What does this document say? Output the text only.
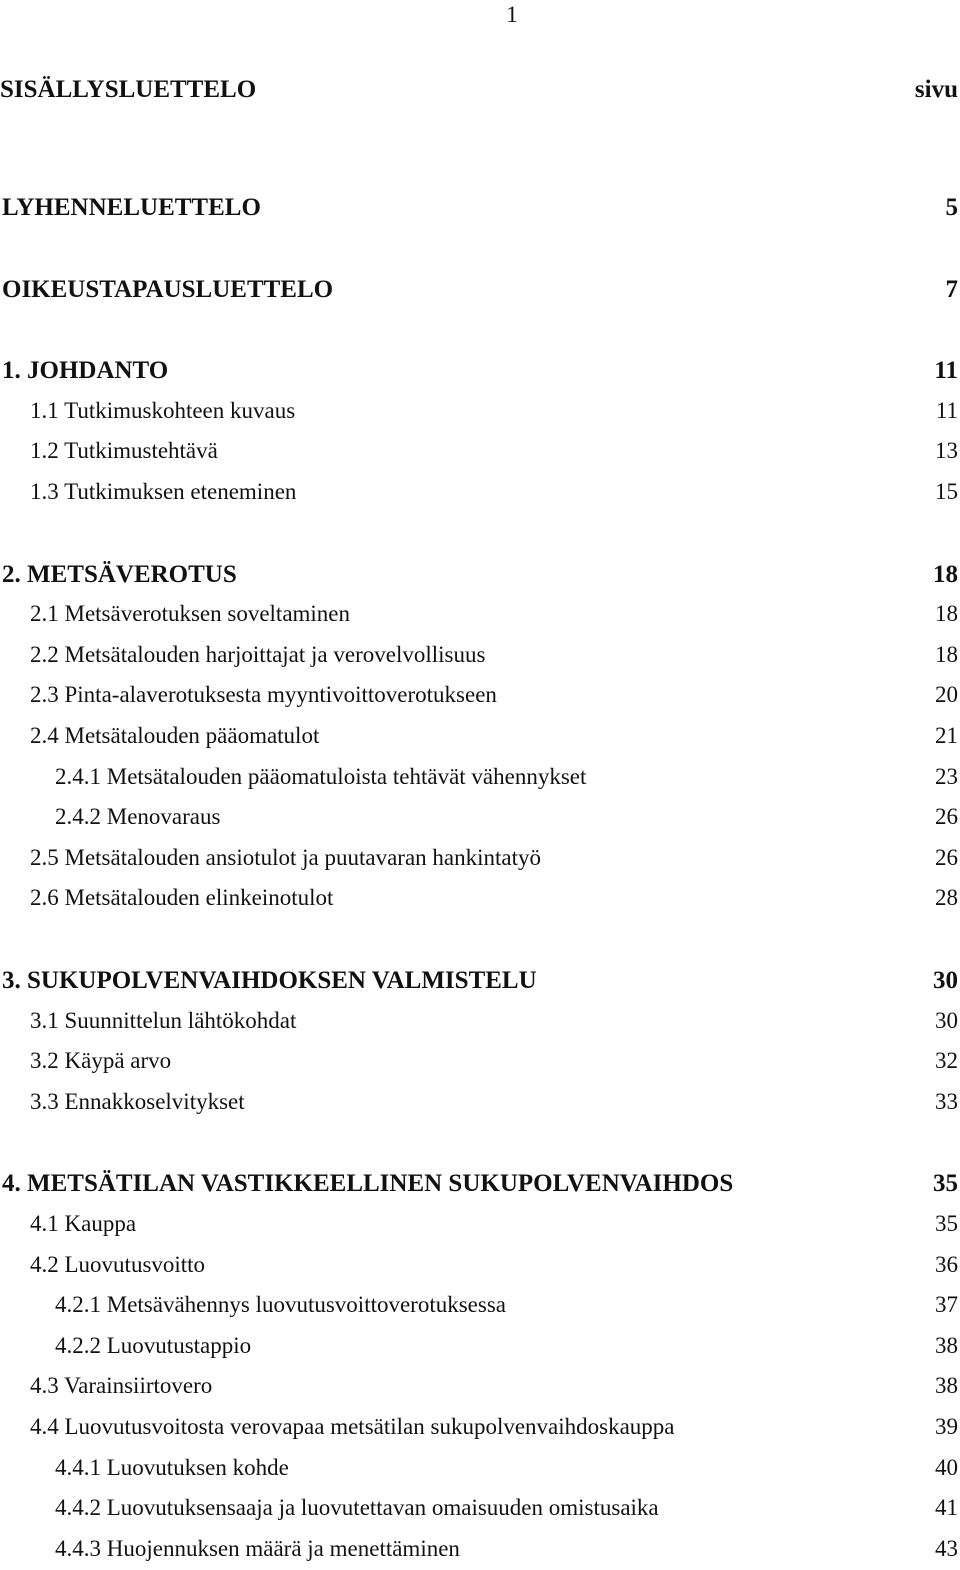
1
SISÄLLYSLUETTELO	sivu
LYHENNELUETTELO	5
OIKEUSTAPAUSLUETTELO	7
1. JOHDANTO	11
1.1 Tutkimuskohteen kuvaus	11
1.2 Tutkimustehtävä	13
1.3 Tutkimuksen eteneminen	15
2. METSÄVEROTUS	18
2.1 Metsäverotuksen soveltaminen	18
2.2 Metsätalouden harjoittajat ja verovelvollisuus	18
2.3 Pinta-alaverotuksesta myyntivoittoverotukseen	20
2.4 Metsätalouden pääomatulot	21
2.4.1 Metsätalouden pääomatuloista tehtävät vähennykset	23
2.4.2 Menovaraus	26
2.5 Metsätalouden ansiotulot ja puutavaran hankintatyö	26
2.6 Metsätalouden elinkeinotulot	28
3. SUKUPOLVENVAIHDOKSEN VALMISTELU	30
3.1 Suunnittelun lähtökohdat	30
3.2 Käypä arvo	32
3.3 Ennakkoselvitykset	33
4. METSÄTILAN VASTIKKEELLINEN SUKUPOLVENVAIHDOS	35
4.1 Kauppa	35
4.2 Luovutusvoitto	36
4.2.1 Metsävähennys luovutusvoittoverotuksessa	37
4.2.2 Luovutustappio	38
4.3 Varainsiirtovero	38
4.4 Luovutusvoitosta verovapaa metsätilan sukupolvenvaihdoskauppa	39
4.4.1 Luovutuksen kohde	40
4.4.2 Luovutuksensaaja ja luovutettavan omaisuuden omistusaika	41
4.4.3 Huojennuksen määrä ja menettäminen	43
